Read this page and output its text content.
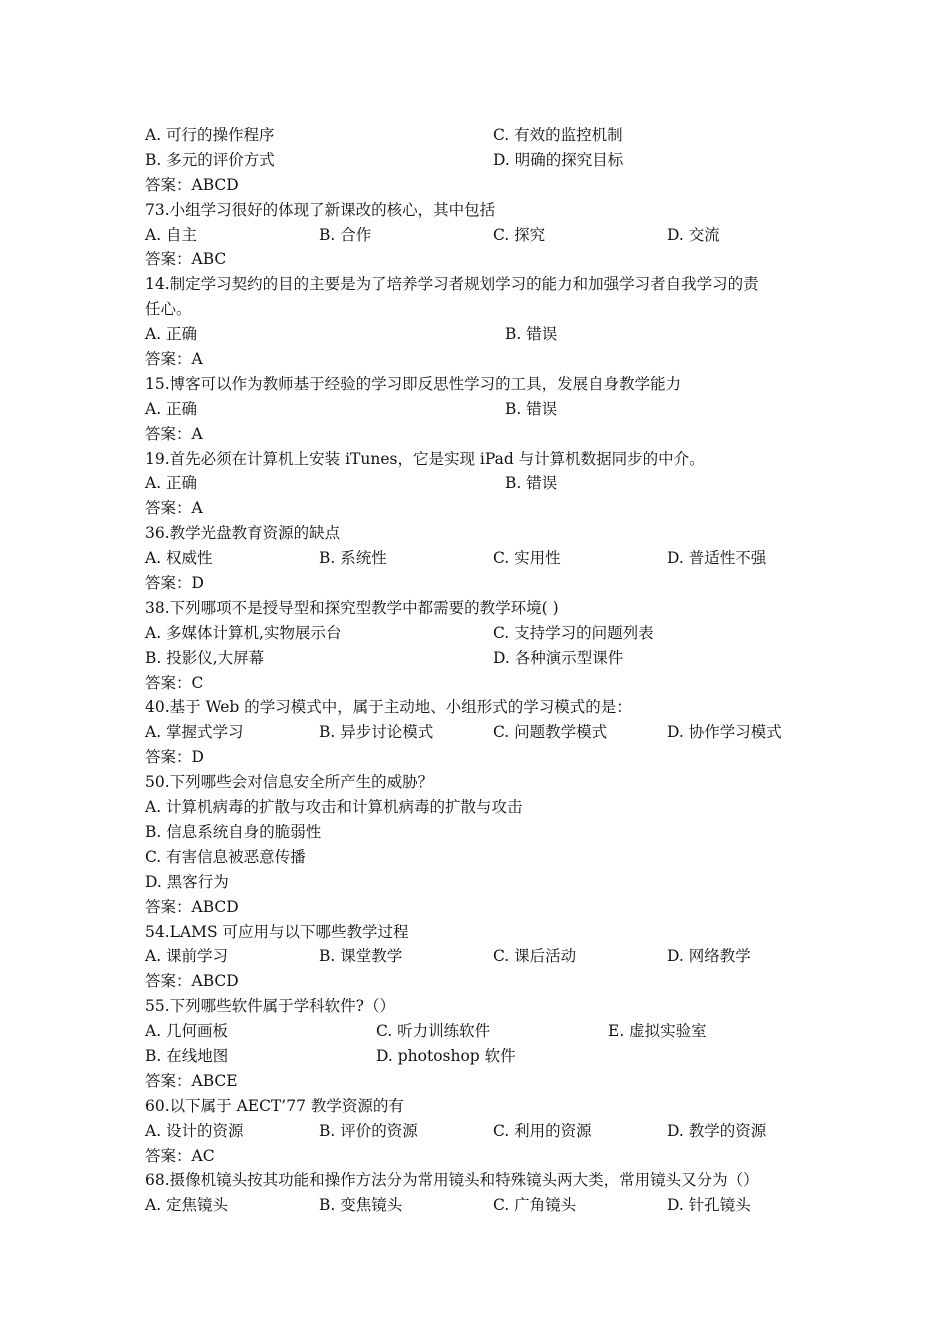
A. 可行的操作程序	C. 有效的监控机制
B. 多元的评价方式	D. 明确的探究目标
答案：ABCD
73.小组学习很好的体现了新课改的核心，其中包括
A. 自主	B. 合作	C. 探究	D. 交流
答案：ABC
14.制定学习契约的目的主要是为了培养学习者规划学习的能力和加强学习者自我学习的责
任心。
A. 正确	B. 错误
答案：A
15.博客可以作为教师基于经验的学习即反思性学习的工具，发展自身教学能力
A. 正确	B. 错误
答案：A
19.首先必须在计算机上安装 iTunes，它是实现 iPad 与计算机数据同步的中介。
A. 正确	B. 错误
答案：A
36.教学光盘教育资源的缺点
A. 权威性	B. 系统性	C. 实用性	D. 普适性不强
答案：D
38.下列哪项不是授导型和探究型教学中都需要的教学环境( )
A. 多媒体计算机,实物展示台	C. 支持学习的问题列表
B. 投影仪,大屏幕	D. 各种演示型课件
答案：C
40.基于 Web 的学习模式中，属于主动地、小组形式的学习模式的是：
A. 掌握式学习	B. 异步讨论模式	C. 问题教学模式	D. 协作学习模式
答案：D
50.下列哪些会对信息安全所产生的威胁？
A. 计算机病毒的扩散与攻击和计算机病毒的扩散与攻击
B. 信息系统自身的脆弱性
C. 有害信息被恶意传播
D. 黑客行为
答案：ABCD
54.LAMS 可应用与以下哪些教学过程
A. 课前学习	B. 课堂教学	C. 课后活动	D. 网络教学
答案：ABCD
55.下列哪些软件属于学科软件?（）
A. 几何画板	C. 听力训练软件	E. 虚拟实验室
B. 在线地图	D. photoshop 软件
答案：ABCE
60.以下属于 AECT’77 教学资源的有
A. 设计的资源	B. 评价的资源	C. 利用的资源	D. 教学的资源
答案：AC
68.摄像机镜头按其功能和操作方法分为常用镜头和特殊镜头两大类，常用镜头又分为（）
A. 定焦镜头	B. 变焦镜头	C. 广角镜头	D. 针孔镜头
